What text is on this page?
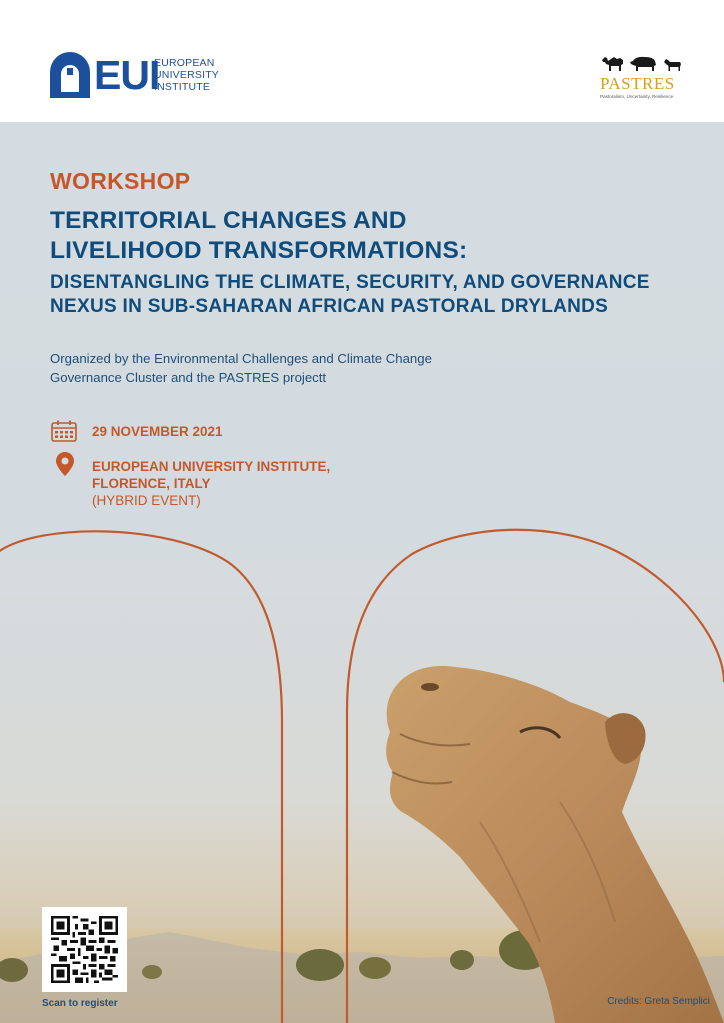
EUI
EUROPEAN
UNIVERSITY
INSTITUTE	PASTRES
Pastoralism, Uncertainty, Resilience
WORKSHOP
TERRITORIAL CHANGES AND
LIVELIHOOD TRANSFORMATIONS:
DISENTANGLING THE CLIMATE, SECURITY, AND GOVERNANCE
NEXUS IN SUB-SAHARAN AFRICAN PASTORAL DRYLANDS
Organized by the Environmental Challenges and Climate Change
Governance Cluster and the PASTRES projectt
29 NOVEMBER 2021
EUROPEAN UNIVERSITY INSTITUTE,
FLORENCE, ITALY
(HYBRID EVENT)
Scan to register	Credits: Greta Semplici
